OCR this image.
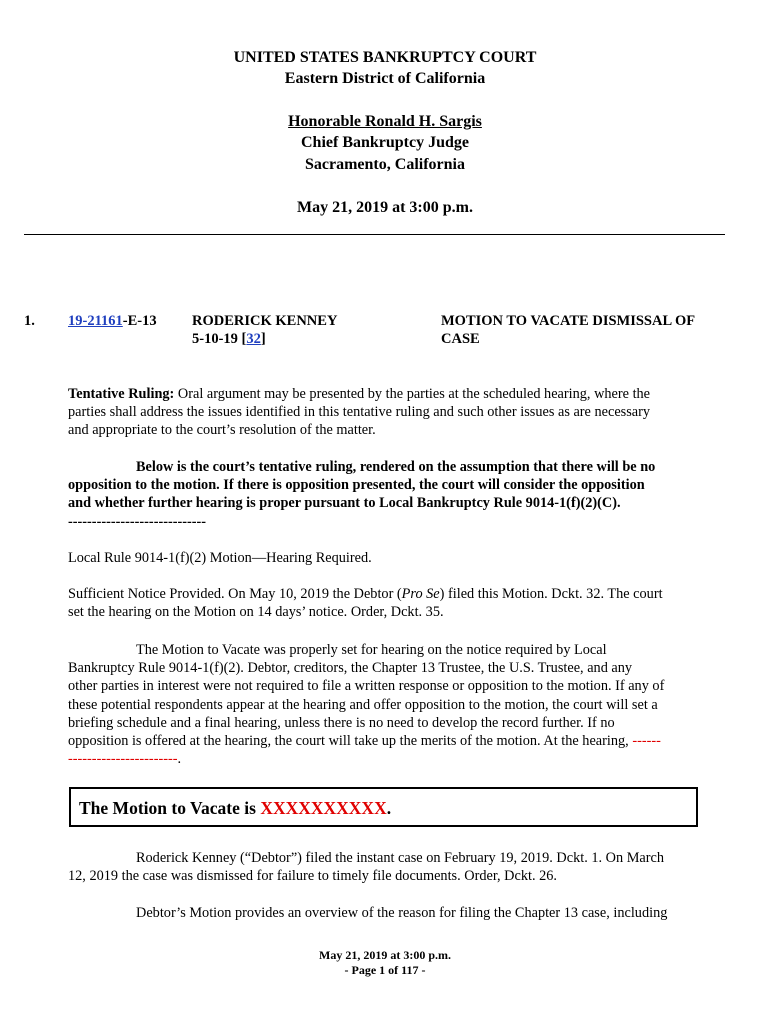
UNITED STATES BANKRUPTCY COURT
Eastern District of California
Honorable Ronald H. Sargis
Chief Bankruptcy Judge
Sacramento, California
May 21, 2019 at 3:00 p.m.
1. 19-21161-E-13 RODERICK KENNEY
5-10-19 [32]
MOTION TO VACATE DISMISSAL OF
CASE
Tentative Ruling: Oral argument may be presented by the parties at the scheduled hearing, where the
parties shall address the issues identified in this tentative ruling and such other issues as are necessary
and appropriate to the court’s resolution of the matter.
Below is the court’s tentative ruling, rendered on the assumption that there will be no
opposition to the motion. If there is opposition presented, the court will consider the opposition
and whether further hearing is proper pursuant to Local Bankruptcy Rule 9014-1(f)(2)(C).
-----------------------------
Local Rule 9014-1(f)(2) Motion—Hearing Required.
Sufficient Notice Provided. On May 10, 2019 the Debtor (Pro Se) filed this Motion. Dckt. 32. The court
set the hearing on the Motion on 14 days’ notice. Order, Dckt. 35.
The Motion to Vacate was properly set for hearing on the notice required by Local
Bankruptcy Rule 9014-1(f)(2). Debtor, creditors, the Chapter 13 Trustee, the U.S. Trustee, and any
other parties in interest were not required to file a written response or opposition to the motion. If any of
these potential respondents appear at the hearing and offer opposition to the motion, the court will set a
briefing schedule and a final hearing, unless there is no need to develop the record further. If no
opposition is offered at the hearing, the court will take up the merits of the motion. At the hearing, ------
-----------------------.
The Motion to Vacate is XXXXXXXXXX.
Roderick Kenney (“Debtor”) filed the instant case on February 19, 2019. Dckt. 1. On March
12, 2019 the case was dismissed for failure to timely file documents. Order, Dckt. 26.
Debtor’s Motion provides an overview of the reason for filing the Chapter 13 case, including
May 21, 2019 at 3:00 p.m.
- Page 1 of 117 -
